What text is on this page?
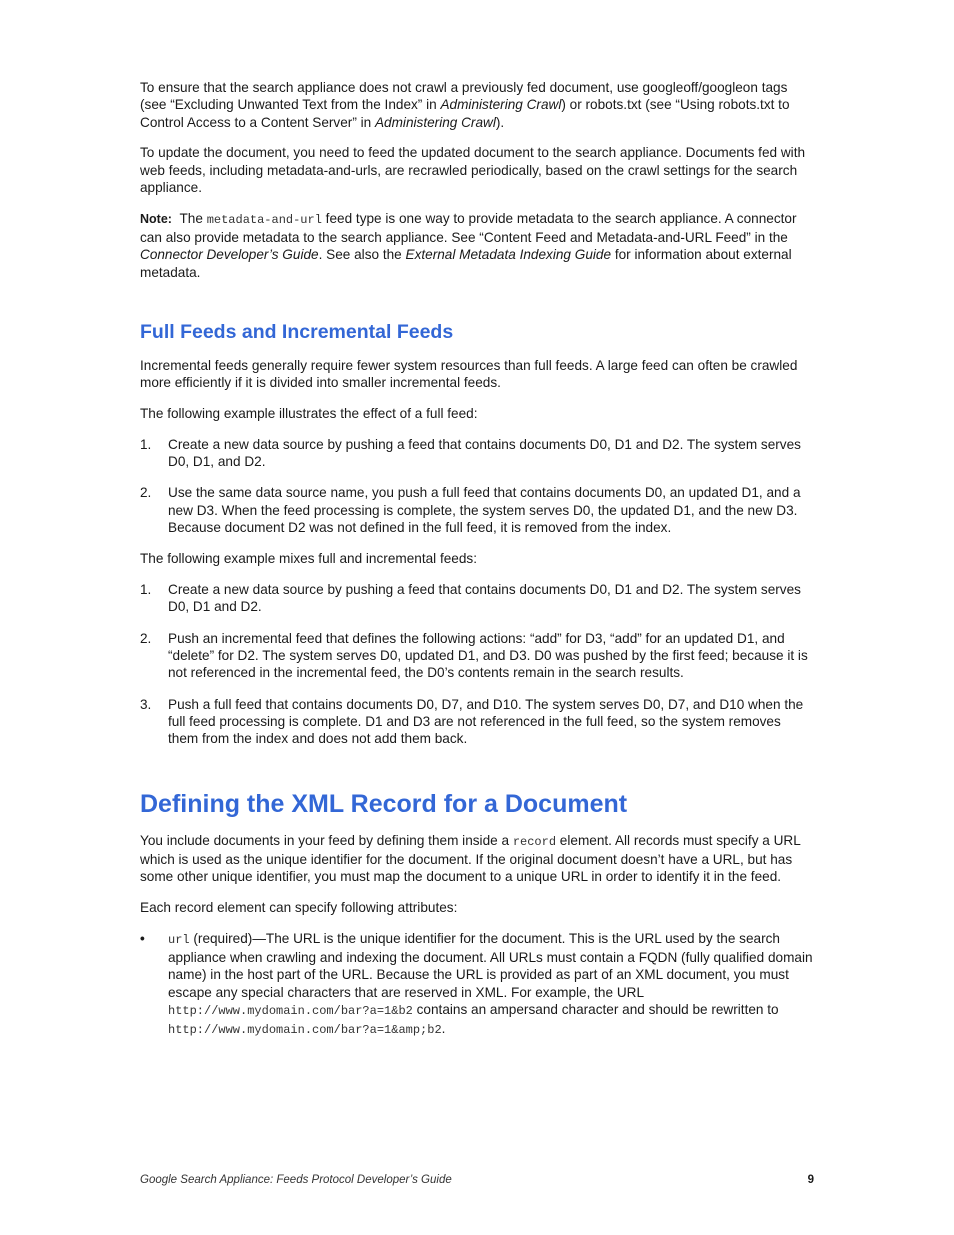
To ensure that the search appliance does not crawl a previously fed document, use googleoff/googleon tags (see “Excluding Unwanted Text from the Index” in Administering Crawl) or robots.txt (see “Using robots.txt to Control Access to a Content Server” in Administering Crawl).

To update the document, you need to feed the updated document to the search appliance. Documents fed with web feeds, including metadata-and-urls, are recrawled periodically, based on the crawl settings for the search appliance.

Note: The metadata-and-url feed type is one way to provide metadata to the search appliance. A connector can also provide metadata to the search appliance. See “Content Feed and Metadata-and-URL Feed” in the Connector Developer’s Guide. See also the External Metadata Indexing Guide for information about external metadata.

Full Feeds and Incremental Feeds

Incremental feeds generally require fewer system resources than full feeds. A large feed can often be crawled more efficiently if it is divided into smaller incremental feeds.

The following example illustrates the effect of a full feed:

1. Create a new data source by pushing a feed that contains documents D0, D1 and D2. The system serves D0, D1, and D2.
2. Use the same data source name, you push a full feed that contains documents D0, an updated D1, and a new D3. When the feed processing is complete, the system serves D0, the updated D1, and the new D3. Because document D2 was not defined in the full feed, it is removed from the index.

The following example mixes full and incremental feeds:

1. Create a new data source by pushing a feed that contains documents D0, D1 and D2. The system serves D0, D1 and D2.
2. Push an incremental feed that defines the following actions: “add” for D3, “add” for an updated D1, and “delete” for D2. The system serves D0, updated D1, and D3. D0 was pushed by the first feed; because it is not referenced in the incremental feed, the D0’s contents remain in the search results.
3. Push a full feed that contains documents D0, D7, and D10. The system serves D0, D7, and D10 when the full feed processing is complete. D1 and D3 are not referenced in the full feed, so the system removes them from the index and does not add them back.
Defining the XML Record for a Document

You include documents in your feed by defining them inside a record element. All records must specify a URL which is used as the unique identifier for the document. If the original document doesn’t have a URL, but has some other unique identifier, you must map the document to a unique URL in order to identify it in the feed.

Each record element can specify following attributes:

• url (required)—The URL is the unique identifier for the document. This is the URL used by the search appliance when crawling and indexing the document. All URLs must contain a FQDN (fully qualified domain name) in the host part of the URL. Because the URL is provided as part of an XML document, you must escape any special characters that are reserved in XML. For example, the URL http://www.mydomain.com/bar?a=1&b2 contains an ampersand character and should be rewritten to http://www.mydomain.com/bar?a=1&amp;b2.
Google Search Appliance: Feeds Protocol Developer’s Guide	9
